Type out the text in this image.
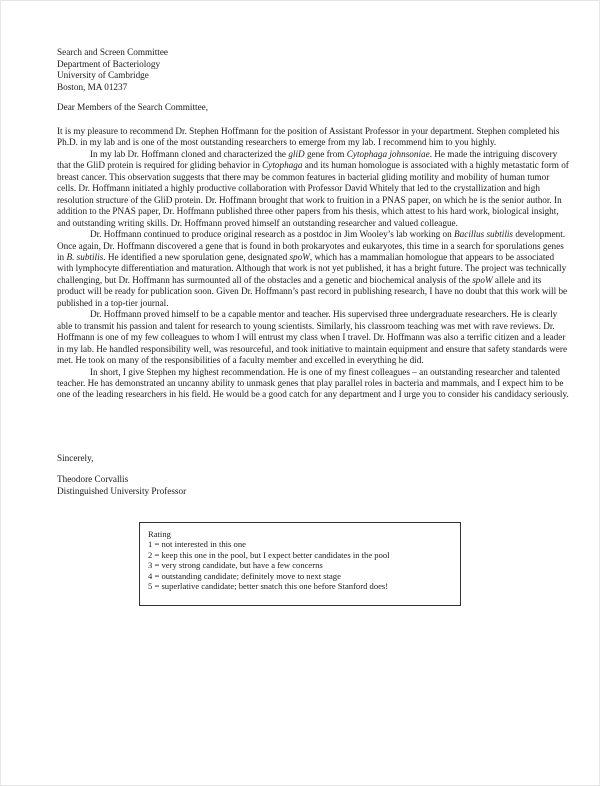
Search and Screen Committee
Department of Bacteriology
University of Cambridge
Boston, MA 01237
Dear Members of the Search Committee,

It is my pleasure to recommend Dr. Stephen Hoffmann for the position of Assistant Professor in your department. Stephen completed his Ph.D. in my lab and is one of the most outstanding researchers to emerge from my lab. I recommend him to you highly.

In my lab Dr. Hoffmann cloned and characterized the gliD gene from Cytophaga johnsoniae. He made the intriguing discovery that the GliD protein is required for gliding behavior in Cytophaga and its human homologue is associated with a highly metastatic form of breast cancer. This observation suggests that there may be common features in bacterial gliding motility and mobility of human tumor cells. Dr. Hoffmann initiated a highly productive collaboration with Professor David Whitely that led to the crystallization and high resolution structure of the GliD protein. Dr. Hoffmann brought that work to fruition in a PNAS paper, on which he is the senior author. In addition to the PNAS paper, Dr. Hoffmann published three other papers from his thesis, which attest to his hard work, biological insight, and outstanding writing skills. Dr. Hoffmann proved himself an outstanding researcher and valued colleague.

Dr. Hoffmann continued to produce original research as a postdoc in Jim Wooley’s lab working on Bacillus subtilis development. Once again, Dr. Hoffmann discovered a gene that is found in both prokaryotes and eukaryotes, this time in a search for sporulations genes in B. subtilis. He identified a new sporulation gene, designated spoW, which has a mammalian homologue that appears to be associated with lymphocyte differentiation and maturation. Although that work is not yet published, it has a bright future. The project was technically challenging, but Dr. Hoffmann has surmounted all of the obstacles and a genetic and biochemical analysis of the spoW allele and its product will be ready for publication soon. Given Dr. Hoffmann’s past record in publishing research, I have no doubt that this work will be published in a top-tier journal.

Dr. Hoffmann proved himself to be a capable mentor and teacher. His supervised three undergraduate researchers. He is clearly able to transmit his passion and talent for research to young scientists. Similarly, his classroom teaching was met with rave reviews. Dr. Hoffmann is one of my few colleagues to whom I will entrust my class when I travel. Dr. Hoffmann was also a terrific citizen and a leader in my lab. He handled responsibility well, was resourceful, and took initiative to maintain equipment and ensure that safety standards were met. He took on many of the responsibilities of a faculty member and excelled in everything he did.

In short, I give Stephen my highest recommendation. He is one of my finest colleagues – an outstanding researcher and talented teacher. He has demonstrated an uncanny ability to unmask genes that play parallel roles in bacteria and mammals, and I expect him to be one of the leading researchers in his field. He would be a good catch for any department and I urge you to consider his candidacy seriously.

Sincerely,
Theodore Corvallis
Distinguished University Professor
Rating
1 = not interested in this one
2 = keep this one in the pool, but I expect better candidates in the pool
3 = very strong candidate, but have a few concerns
4 = outstanding candidate; definitely move to next stage
5 = superlative candidate; better snatch this one before Stanford does!
